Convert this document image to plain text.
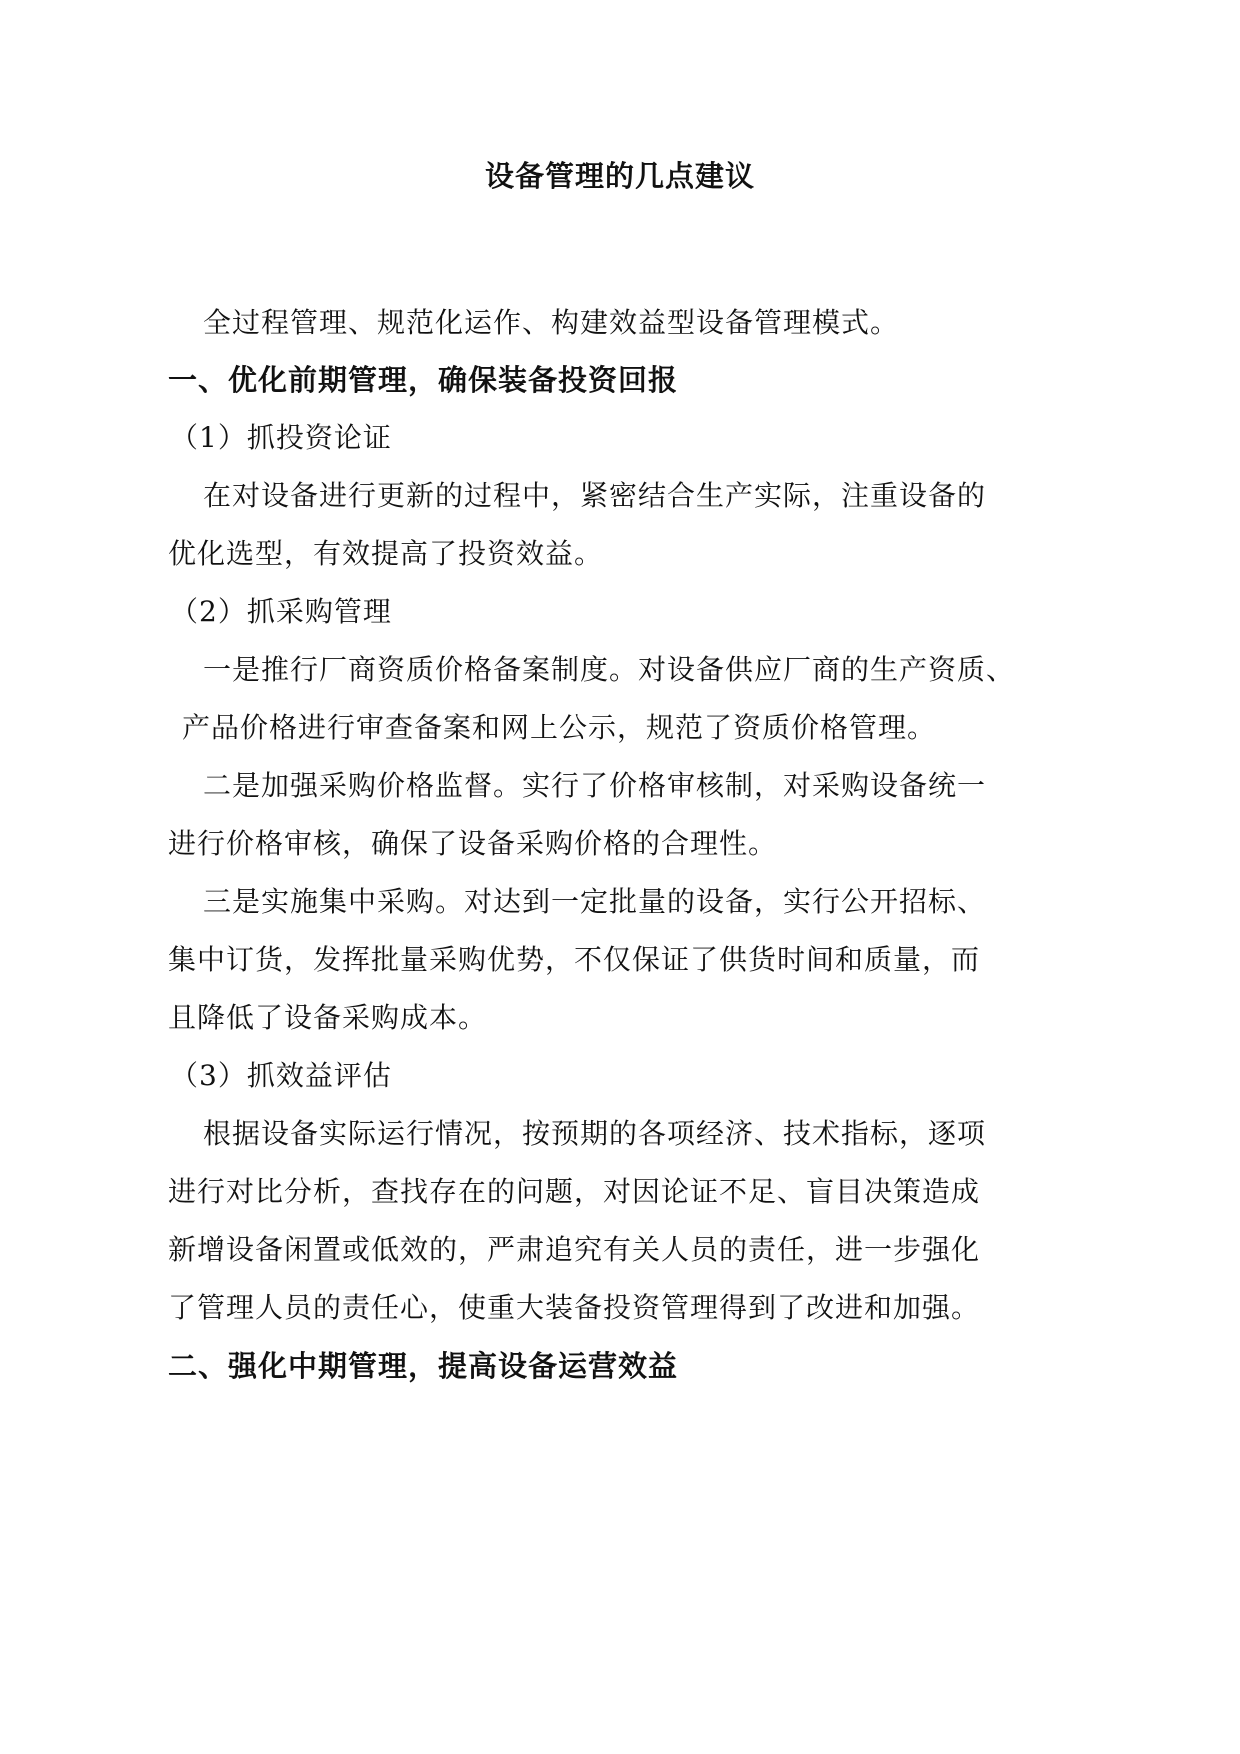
设备管理的几点建议
全过程管理、规范化运作、构建效益型设备管理模式。
一、优化前期管理，确保装备投资回报
（1）抓投资论证
在对设备进行更新的过程中，紧密结合生产实际，注重设备的
优化选型，有效提高了投资效益。
（2）抓采购管理
一是推行厂商资质价格备案制度。对设备供应厂商的生产资质、
产品价格进行审查备案和网上公示，规范了资质价格管理。
二是加强采购价格监督。实行了价格审核制，对采购设备统一
进行价格审核，确保了设备采购价格的合理性。
三是实施集中采购。对达到一定批量的设备，实行公开招标、
集中订货，发挥批量采购优势，不仅保证了供货时间和质量，而
且降低了设备采购成本。
（3）抓效益评估
根据设备实际运行情况，按预期的各项经济、技术指标，逐项
进行对比分析，查找存在的问题，对因论证不足、盲目决策造成
新增设备闲置或低效的，严肃追究有关人员的责任，进一步强化
了管理人员的责任心，使重大装备投资管理得到了改进和加强。
二、强化中期管理，提高设备运营效益
